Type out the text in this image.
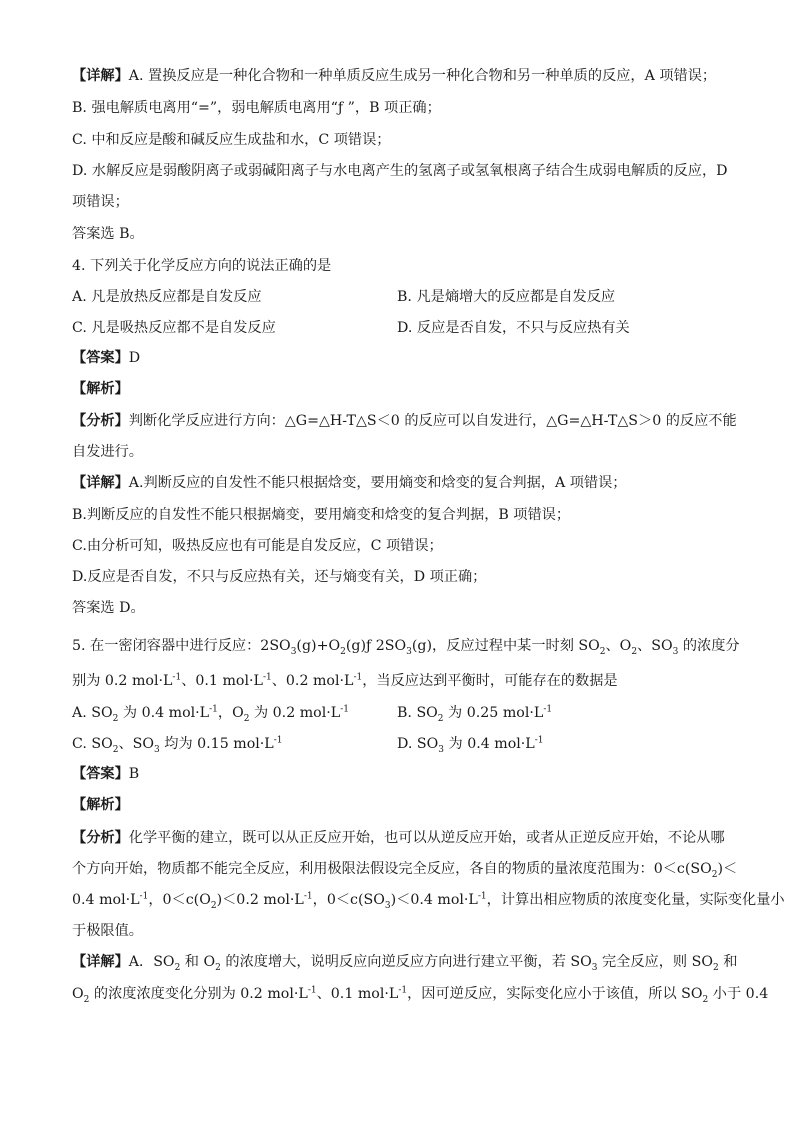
【详解】A. 置换反应是一种化合物和一种单质反应生成另一种化合物和另一种单质的反应，A 项错误；
B. 强电解质电离用“=”，弱电解质电离用“ƒ ”，B 项正确；
C. 中和反应是酸和碱反应生成盐和水，C 项错误；
D. 水解反应是弱酸阴离子或弱碱阳离子与水电离产生的氢离子或氢氧根离子结合生成弱电解质的反应，D
项错误；
答案选 B。
4. 下列关于化学反应方向的说法正确的是
A. 凡是放热反应都是自发反应	B. 凡是熵增大的反应都是自发反应
C. 凡是吸热反应都不是自发反应	D. 反应是否自发，不只与反应热有关
【答案】D
【解析】
【分析】判断化学反应进行方向：△G=△H-T△S＜0 的反应可以自发进行，△G=△H-T△S＞0 的反应不能
自发进行。
【详解】A.判断反应的自发性不能只根据焓变，要用熵变和焓变的复合判据，A 项错误；
B.判断反应的自发性不能只根据熵变，要用熵变和焓变的复合判据，B 项错误；
C.由分析可知，吸热反应也有可能是自发反应，C 项错误；
D.反应是否自发，不只与反应热有关，还与熵变有关，D 项正确；
答案选 D。
5. 在一密闭容器中进行反应：$2SO_3(g)+O_2(g)ƒ$ $2SO_3(g)$，反应过程中某一时刻 $SO_2$、$O_2$、$SO_3$ 的浓度分
别为 0.2 $mol\cdot L^{-1}$、0.1 $mol\cdot L^{-1}$、0.2 $mol\cdot L^{-1}$，当反应达到平衡时，可能存在的数据是
A. $SO_2$ 为 0.4 $mol\cdot L^{-1}$，$O_2$ 为 0.2 $mol\cdot L^{-1}$	B. $SO_2$ 为 0.25 $mol\cdot L^{-1}$
C. $SO_2$、$SO_3$ 均为 0.15 $mol\cdot L^{-1}$	D. $SO_3$ 为 0.4 $mol\cdot L^{-1}$
【答案】B
【解析】
【分析】化学平衡的建立，既可以从正反应开始，也可以从逆反应开始，或者从正逆反应开始，不论从哪
个方向开始，物质都不能完全反应，利用极限法假设完全反应，各自的物质的量浓度范围为：$0<c(SO_2)<$
0.4 $mol\cdot L^{-1}$，$0<c(O_2)<0.2$ $mol\cdot L^{-1}$，$0<c(SO_3)<0.4$ $mol\cdot L^{-1}$，计算出相应物质的浓度变化量，实际变化量小
于极限值。
【详解】A．$SO_2$ 和 $O_2$ 的浓度增大，说明反应向逆反应方向进行建立平衡，若 $SO_3$ 完全反应，则 $SO_2$ 和
$O_2$ 的浓度浓度变化分别为 0.2 $mol\cdot L^{-1}$、0.1 $mol\cdot L^{-1}$，因可逆反应，实际变化应小于该值，所以 $SO_2$ 小于 0.4
